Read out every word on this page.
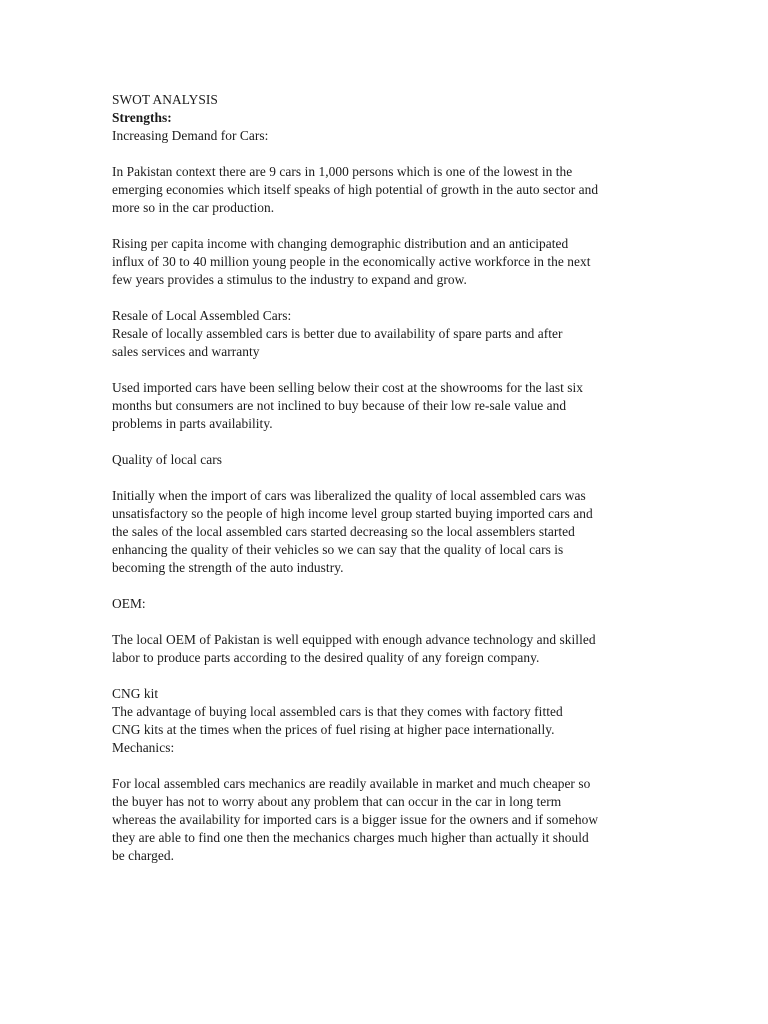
SWOT ANALYSIS
Strengths:
Increasing Demand for Cars:
In Pakistan context there are 9 cars in 1,000 persons which is one of the lowest in the
emerging economies which itself speaks of high potential of growth in the auto sector and
more so in the car production.
Rising per capita income with changing demographic distribution and an anticipated
influx of 30 to 40 million young people in the economically active workforce in the next
few years provides a stimulus to the industry to expand and grow.
Resale of Local Assembled Cars:
Resale of locally assembled cars is better due to availability of spare parts and after
sales services and warranty
Used imported cars have been selling below their cost at the showrooms for the last six
months but consumers are not inclined to buy because of their low re-sale value and
problems in parts availability.
Quality of local cars
Initially when the import of cars was liberalized the quality of local assembled cars was
unsatisfactory so the people of high income level group started buying imported cars and
the sales of the local assembled cars started decreasing so the local assemblers started
enhancing the quality of their vehicles so we can say that the quality of local cars is
becoming the strength of the auto industry.
OEM:
The local OEM of Pakistan is well equipped with enough advance technology and skilled
labor to produce parts according to the desired quality of any foreign company.
CNG kit
The advantage of buying local assembled cars is that they comes with factory fitted
CNG kits at the times when the prices of fuel rising at higher pace internationally.
Mechanics:
For local assembled cars mechanics are readily available in market and much cheaper so
the buyer has not to worry about any problem that can occur in the car in long term
whereas the availability for imported cars is a bigger issue for the owners and if somehow
they are able to find one then the mechanics charges much higher than actually it should
be charged.
